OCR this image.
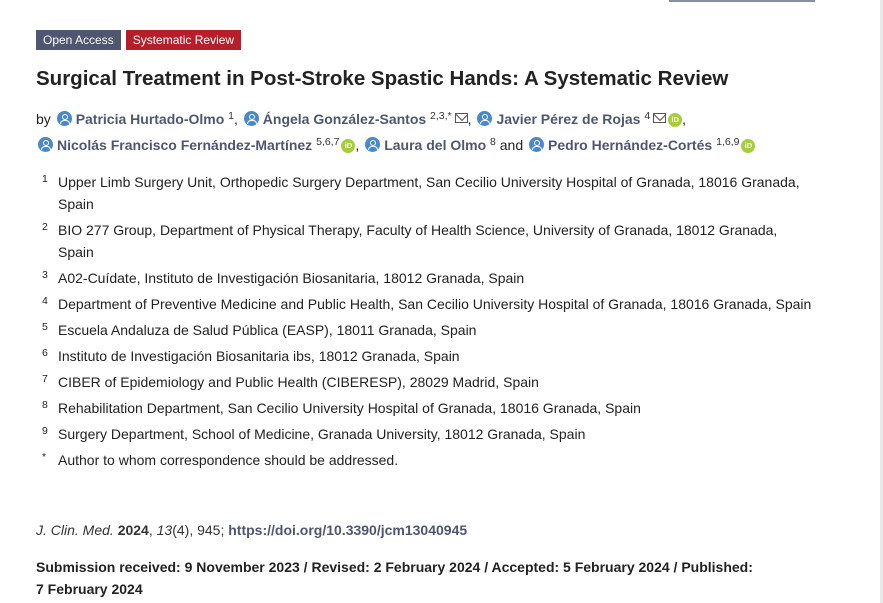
Open Access	Systematic Review
Surgical Treatment in Post-Stroke Spastic Hands: A Systematic Review
by Patricia Hurtado-Olmo $^1$, Ángela González-Santos $^{2,3,*}$ , Javier Pérez de Rojas $^4$	iD ,
Nicolás Francisco Fernández-Martínez $^{5,6,7}$ iD , Laura del Olmo $^8$ and Pedro Hernández-Cortés $^{1,6,9}$ iD
1 Upper Limb Surgery Unit, Orthopedic Surgery Department, San Cecilio University Hospital of Granada, 18016 Granada, Spain
2 BIO 277 Group, Department of Physical Therapy, Faculty of Health Science, University of Granada, 18012 Granada, Spain
3 A02-Cuídate, Instituto de Investigación Biosanitaria, 18012 Granada, Spain
4 Department of Preventive Medicine and Public Health, San Cecilio University Hospital of Granada, 18016 Granada, Spain
5 Escuela Andaluza de Salud Pública (EASP), 18011 Granada, Spain
6 Instituto de Investigación Biosanitaria ibs, 18012 Granada, Spain
7 CIBER of Epidemiology and Public Health (CIBERESP), 28029 Madrid, Spain
8 Rehabilitation Department, San Cecilio University Hospital of Granada, 18016 Granada, Spain
9 Surgery Department, School of Medicine, Granada University, 18012 Granada, Spain
* Author to whom correspondence should be addressed.
J. Clin. Med. 2024, 13(4), 945; https://doi.org/10.3390/jcm13040945
Submission received: 9 November 2023 / Revised: 2 February 2024 / Accepted: 5 February 2024 / Published: 7 February 2024
